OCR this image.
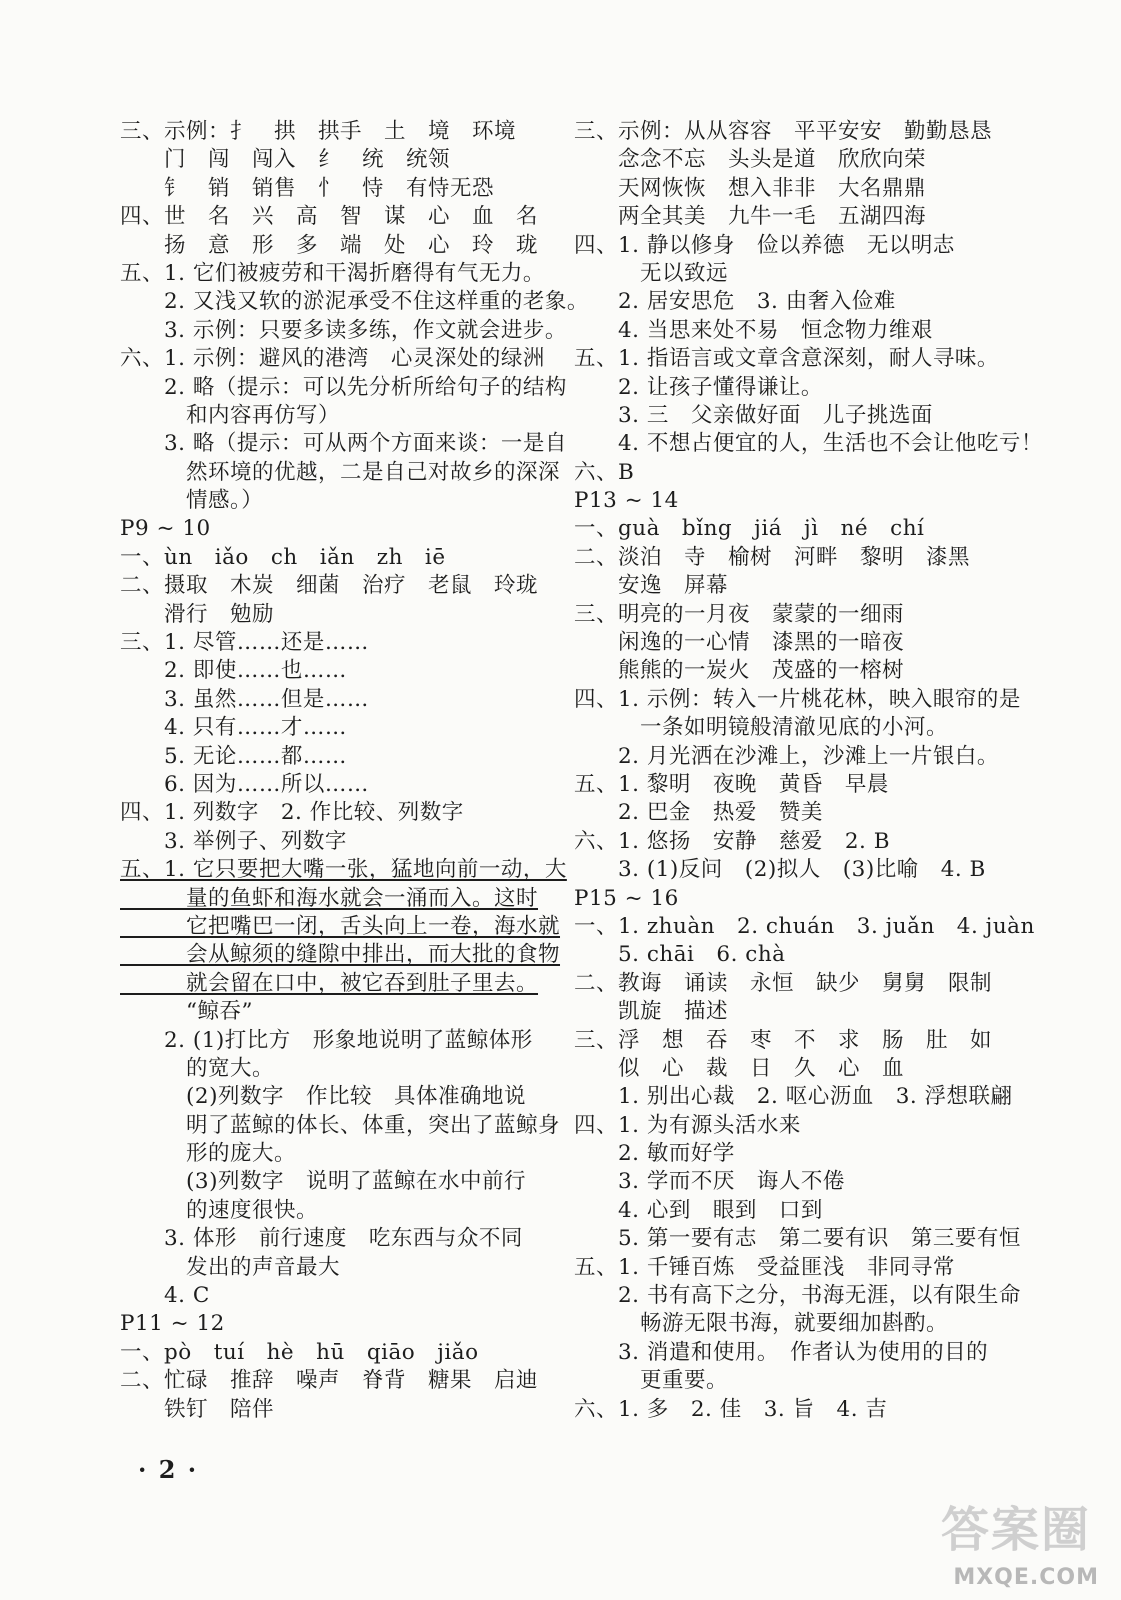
三、示例：扌　拱　拱手　土　境　环境
　　门　闯　闯入　纟　统　统领
　　钅　销　销售　忄　恃　有恃无恐
四、世　名　兴　高　智　谋　心　血　名
　　扬　意　形　多　端　处　心　玲　珑
五、1. 它们被疲劳和干渴折磨得有气无力。
　　2. 又浅又软的淤泥承受不住这样重的老象。
　　3. 示例：只要多读多练，作文就会进步。
六、1. 示例：避风的港湾　心灵深处的绿洲
　　2. 略（提示：可以先分析所给句子的结构
　　　和内容再仿写）
　　3. 略（提示：可从两个方面来谈：一是自
　　　然环境的优越，二是自己对故乡的深深
　　　情感。）
P9 ~ 10
一、ùn　iǎo　ch　iǎn　zh　iē
二、摄取　木炭　细菌　治疗　老鼠　玲珑
　　滑行　勉励
三、1. 尽管……还是……
　　2. 即使……也……
　　3. 虽然……但是……
　　4. 只有……才……
　　5. 无论……都……
　　6. 因为……所以……
四、1. 列数字　2. 作比较、列数字
　　3. 举例子、列数字
五、1. 它只要把大嘴一张，猛地向前一动，大
　　　量的鱼虾和海水就会一涌而入。这时
　　　它把嘴巴一闭，舌头向上一卷，海水就
　　　会从鲸须的缝隙中排出，而大批的食物
　　　就会留在口中，被它吞到肚子里去。
　　　“鲸吞”
　　2. (1)打比方　形象地说明了蓝鲸体形
　　　的宽大。
　　　(2)列数字　作比较　具体准确地说
　　　明了蓝鲸的体长、体重，突出了蓝鲸身
　　　形的庞大。
　　　(3)列数字　说明了蓝鲸在水中前行
　　　的速度很快。
　　3. 体形　前行速度　吃东西与众不同
　　　发出的声音最大
　　4. C
P11 ~ 12
一、pò　tuí　hè　hū　qiāo　jiǎo
二、忙碌　推辞　噪声　脊背　糖果　启迪
　　铁钉　陪伴
三、示例：从从容容　平平安安　勤勤恳恳
　　念念不忘　头头是道　欣欣向荣
　　天网恢恢　想入非非　大名鼎鼎
　　两全其美　九牛一毛　五湖四海
四、1. 静以修身　俭以养德　无以明志
　　　无以致远
　　2. 居安思危　3. 由奢入俭难
　　4. 当思来处不易　恒念物力维艰
五、1. 指语言或文章含意深刻，耐人寻味。
　　2. 让孩子懂得谦让。
　　3. 三　父亲做好面　儿子挑选面
　　4. 不想占便宜的人，生活也不会让他吃亏！
六、B
P13 ~ 14
一、guà　bǐng　jiá　jì　né　chí
二、淡泊　寺　榆树　河畔　黎明　漆黑
　　安逸　屏幕
三、明亮的一月夜　蒙蒙的一细雨
　　闲逸的一心情　漆黑的一暗夜
　　熊熊的一炭火　茂盛的一榕树
四、1. 示例：转入一片桃花林，映入眼帘的是
　　　一条如明镜般清澈见底的小河。
　　2. 月光洒在沙滩上，沙滩上一片银白。
五、1. 黎明　夜晚　黄昏　早晨
　　2. 巴金　热爱　赞美
六、1. 悠扬　安静　慈爱　2. B
　　3. (1)反问　(2)拟人　(3)比喻　4. B
P15 ~ 16
一、1. zhuàn　2. chuán　3. juǎn　4. juàn
　　5. chāi　6. chà
二、教诲　诵读　永恒　缺少　舅舅　限制
　　凯旋　描述
三、浮　想　吞　枣　不　求　肠　肚　如
　　似　心　裁　日　久　心　血
　　1. 别出心裁　2. 呕心沥血　3. 浮想联翩
四、1. 为有源头活水来
　　2. 敏而好学
　　3. 学而不厌　诲人不倦
　　4. 心到　眼到　口到
　　5. 第一要有志　第二要有识　第三要有恒
五、1. 千锤百炼　受益匪浅　非同寻常
　　2. 书有高下之分，书海无涯，以有限生命
　　　畅游无限书海，就要细加斟酌。
　　3. 消遣和使用。　作者认为使用的目的
　　　更重要。
六、1. 多　2. 佳　3. 旨　4. 吉
· 2 ·
答案圈
MXQE.COM
